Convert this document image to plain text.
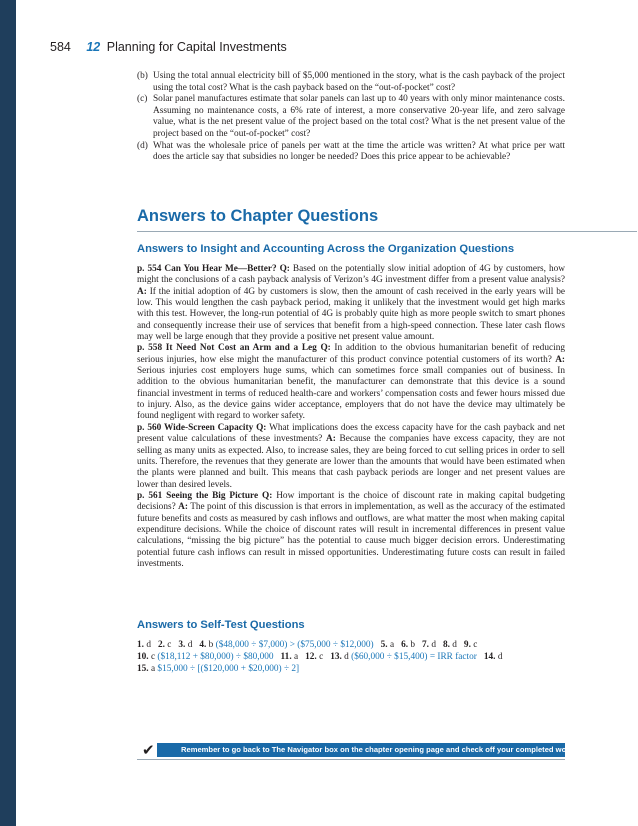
584 12 Planning for Capital Investments
(b) Using the total annual electricity bill of $5,000 mentioned in the story, what is the cash payback of the project using the total cost? What is the cash payback based on the “out-of-pocket” cost?
(c) Solar panel manufactures estimate that solar panels can last up to 40 years with only minor maintenance costs. Assuming no maintenance costs, a 6% rate of interest, a more conservative 20-year life, and zero salvage value, what is the net present value of the project based on the total cost? What is the net present value of the project based on the “out-of-pocket” cost?
(d) What was the wholesale price of panels per watt at the time the article was written? At what price per watt does the article say that subsidies no longer be needed? Does this price appear to be achievable?
Answers to Chapter Questions
Answers to Insight and Accounting Across the Organization Questions

p. 554 Can You Hear Me—Better? Q: Based on the potentially slow initial adoption of 4G by customers, how might the conclusions of a cash payback analysis of Verizon’s 4G investment differ from a present value analysis? A: If the initial adoption of 4G by customers is slow, then the amount of cash received in the early years will be low. This would lengthen the cash payback period, making it unlikely that the investment would get high marks with this test. However, the long-run potential of 4G is probably quite high as more people switch to smart phones and consequently increase their use of services that benefit from a high-speed connection. These later cash flows may well be large enough that they provide a positive net present value amount.

p. 558 It Need Not Cost an Arm and a Leg Q: In addition to the obvious humanitarian benefit of reducing serious injuries, how else might the manufacturer of this product convince potential customers of its worth? A: Serious injuries cost employers huge sums, which can sometimes force small companies out of business. In addition to the obvious humanitarian benefit, the manufacturer can demonstrate that this device is a sound financial investment in terms of reduced health-care and workers’ compensation costs and fewer hours missed due to injury. Also, as the device gains wider acceptance, employers that do not have the device may ultimately be found negligent with regard to worker safety.

p. 560 Wide-Screen Capacity Q: What implications does the excess capacity have for the cash payback and net present value calculations of these investments? A: Because the companies have excess capacity, they are not selling as many units as expected. Also, to increase sales, they are being forced to cut selling prices in order to sell units. Therefore, the revenues that they generate are lower than the amounts that would have been estimated when the plants were planned and built. This means that cash payback periods are longer and net present values are lower than desired levels.

p. 561 Seeing the Big Picture Q: How important is the choice of discount rate in making capital budgeting decisions? A: The point of this discussion is that errors in implementation, as well as the accuracy of the estimated future benefits and costs as measured by cash inflows and outflows, are what matter the most when making capital expenditure decisions. While the choice of discount rates will result in incremental differences in present value calculations, “missing the big picture” has the potential to cause much bigger decision errors. Underestimating potential future cash inflows can result in missed opportunities. Underestimating future costs can result in failed investments.

Answers to Self-Test Questions
1. d 2. c 3. d 4. b ($48,000 ÷ $7,000) > ($75,000 ÷ $12,000) 5. a 6. b 7. d 8. d 9. c
10. c ($18,112 + $80,000) ÷ $80,000 11. a 12. c 13. d ($60,000 ÷ $15,400) = IRR factor 14. d
15. a $15,000 ÷ [($120,000 + $20,000) ÷ 2]
✔	Remember to go back to The Navigator box on the chapter opening page and check off your completed work.
